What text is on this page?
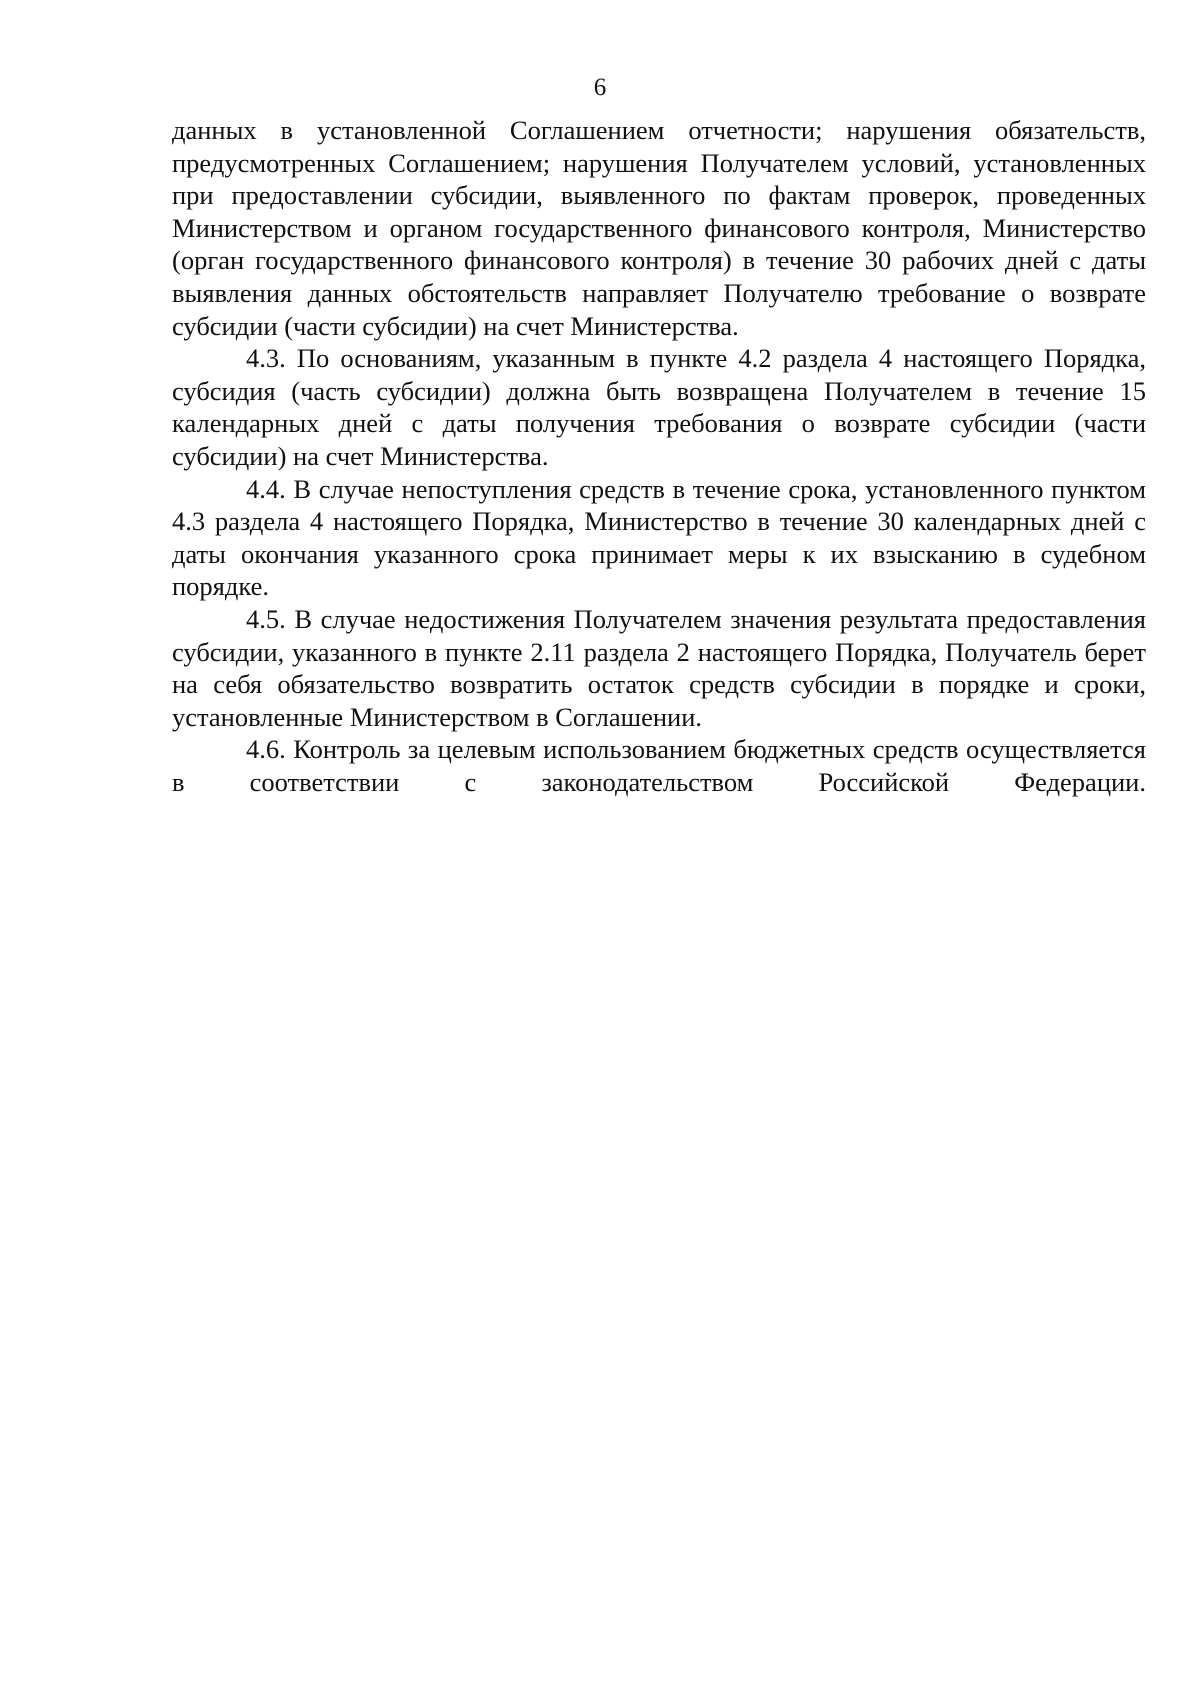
6

данных в установленной Соглашением отчетности; нарушения обязательств, предусмотренных Соглашением; нарушения Получателем условий, установленных при предоставлении субсидии, выявленного по фактам проверок, проведенных Министерством и органом государственного финансового контроля, Министерство (орган государственного финансового контроля) в течение 30 рабочих дней с даты выявления данных обстоятельств направляет Получателю требование о возврате субсидии (части субсидии) на счет Министерства.

4.3. По основаниям, указанным в пункте 4.2 раздела 4 настоящего Порядка, субсидия (часть субсидии) должна быть возвращена Получателем в течение 15 календарных дней с даты получения требования о возврате субсидии (части субсидии) на счет Министерства.

4.4. В случае непоступления средств в течение срока, установленного пунктом 4.3 раздела 4 настоящего Порядка, Министерство в течение 30 календарных дней с даты окончания указанного срока принимает меры к их взысканию в судебном порядке.

4.5. В случае недостижения Получателем значения результата предоставления субсидии, указанного в пункте 2.11 раздела 2 настоящего Порядка, Получатель берет на себя обязательство возвратить остаток средств субсидии в порядке и сроки, установленные Министерством в Соглашении.

4.6. Контроль за целевым использованием бюджетных средств осуществляется в соответствии с законодательством Российской Федерации.
